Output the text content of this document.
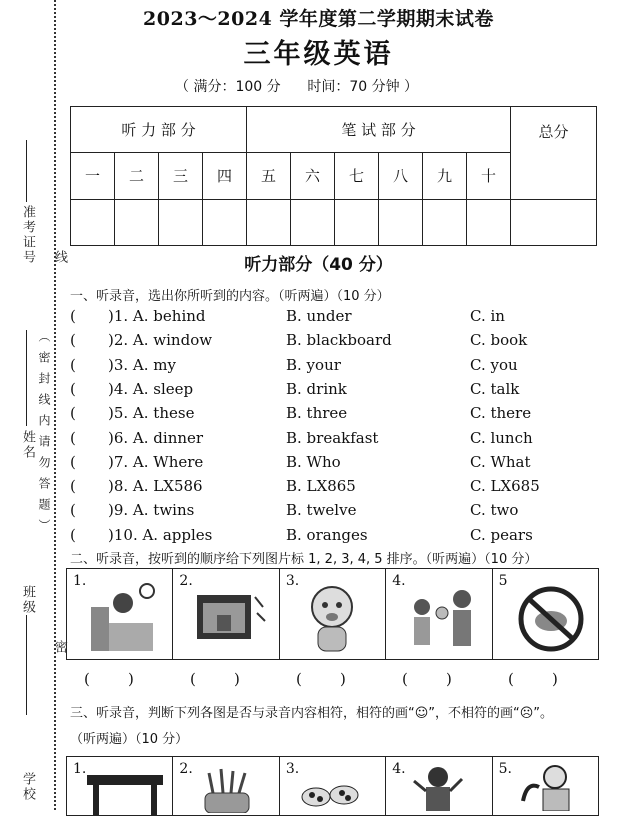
准考证号 线
姓名 （密封线内请勿答题）
班级
密
学校
2023～2024 学年度第二学期期末试卷
三年级英语
（ 满分：100 分      时间：70 分钟 ）
听 力 部 分				笔 试 部 分						总分
一	二	三	四	五	六	七	八	九	十	

听力部分（40 分）
一、听录音，选出你所听到的内容。（听两遍）（10 分）
( )1. A. behind	B. under	C. in
( )2. A. window	B. blackboard	C. book
( )3. A. my	B. your	C. you
( )4. A. sleep	B. drink	C. talk
( )5. A. these	B. three	C. there
( )6. A. dinner	B. breakfast	C. lunch
( )7. A. Where	B. Who	C. What
( )8. A. LX586	B. LX865	C. LX685
( )9. A. twins	B. twelve	C. two
( )10. A. apples	B. oranges	C. pears
二、听录音，按听到的顺序给下列图片标 1, 2, 3, 4, 5 排序。（听两遍）（10 分）
1.	2.	3.	4.	5
(        )	(        )	(        )	(        )	(        )
三、听录音，判断下列各图是否与录音内容相符，相符的画“☺”，不相符的画“☹”。
（听两遍）（10 分）
1.	2.	3.	4.	5.
